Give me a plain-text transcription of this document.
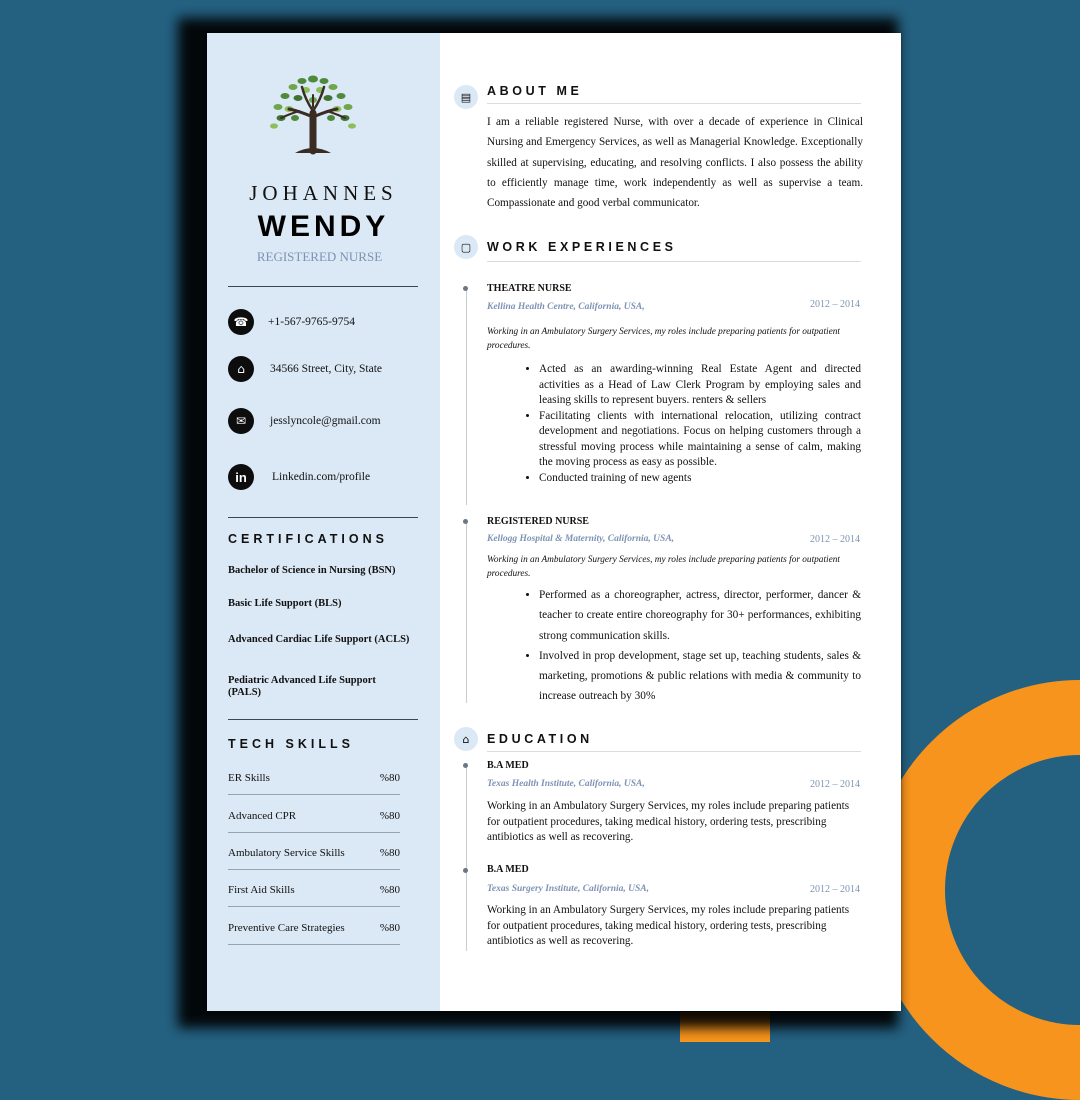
JOHANNES
WENDY
REGISTERED NURSE
☎	+1-567-9765-9754
⌂	34566 Street, City, State
✉	jesslyncole@gmail.com
in	Linkedin.com/profile
CERTIFICATIONS
Bachelor of Science in Nursing (BSN)
Basic Life Support (BLS)
Advanced Cardiac Life Support (ACLS)
Pediatric Advanced Life Support (PALS)
TECH SKILLS
ER Skills	%80
Advanced CPR	%80
Ambulatory Service Skills	%80
First Aid Skills	%80
Preventive Care Strategies	%80
▤	ABOUT ME
I am a reliable registered Nurse, with over a decade of experience in Clinical Nursing and Emergency Services, as well as Managerial Knowledge. Exceptionally skilled at supervising, educating, and resolving conflicts. I also possess the ability to efficiently manage time, work independently as well as supervise a team. Compassionate and good verbal communicator.
▢	WORK EXPERIENCES
THEATRE NURSE
Kellina Health Centre, California, USA,	2012 – 2014
Working in an Ambulatory Surgery Services, my roles include preparing patients for outpatient procedures.
• Acted as an awarding-winning Real Estate Agent and directed activities as a Head of Law Clerk Program by employing sales and leasing skills to represent buyers. renters & sellers
• Facilitating clients with international relocation, utilizing contract development and negotiations. Focus on helping customers through a stressful moving process while maintaining a sense of calm, making the moving process as easy as possible.
• Conducted training of new agents
REGISTERED NURSE
Kellogg Hospital & Maternity, California, USA,	2012 – 2014
Working in an Ambulatory Surgery Services, my roles include preparing patients for outpatient procedures.
• Performed as a choreographer, actress, director, performer, dancer & teacher to create entire choreography for 30+ performances, exhibiting strong communication skills.
• Involved in prop development, stage set up, teaching students, sales & marketing, promotions & public relations with media & community to increase outreach by 30%
⌂	EDUCATION
B.A MED
Texas Health Institute, California, USA,	2012 – 2014
Working in an Ambulatory Surgery Services, my roles include preparing patients for outpatient procedures, taking medical history, ordering tests, prescribing antibiotics as well as recovering.
B.A MED
Texas Surgery Institute, California, USA,	2012 – 2014
Working in an Ambulatory Surgery Services, my roles include preparing patients for outpatient procedures, taking medical history, ordering tests, prescribing antibiotics as well as recovering.
